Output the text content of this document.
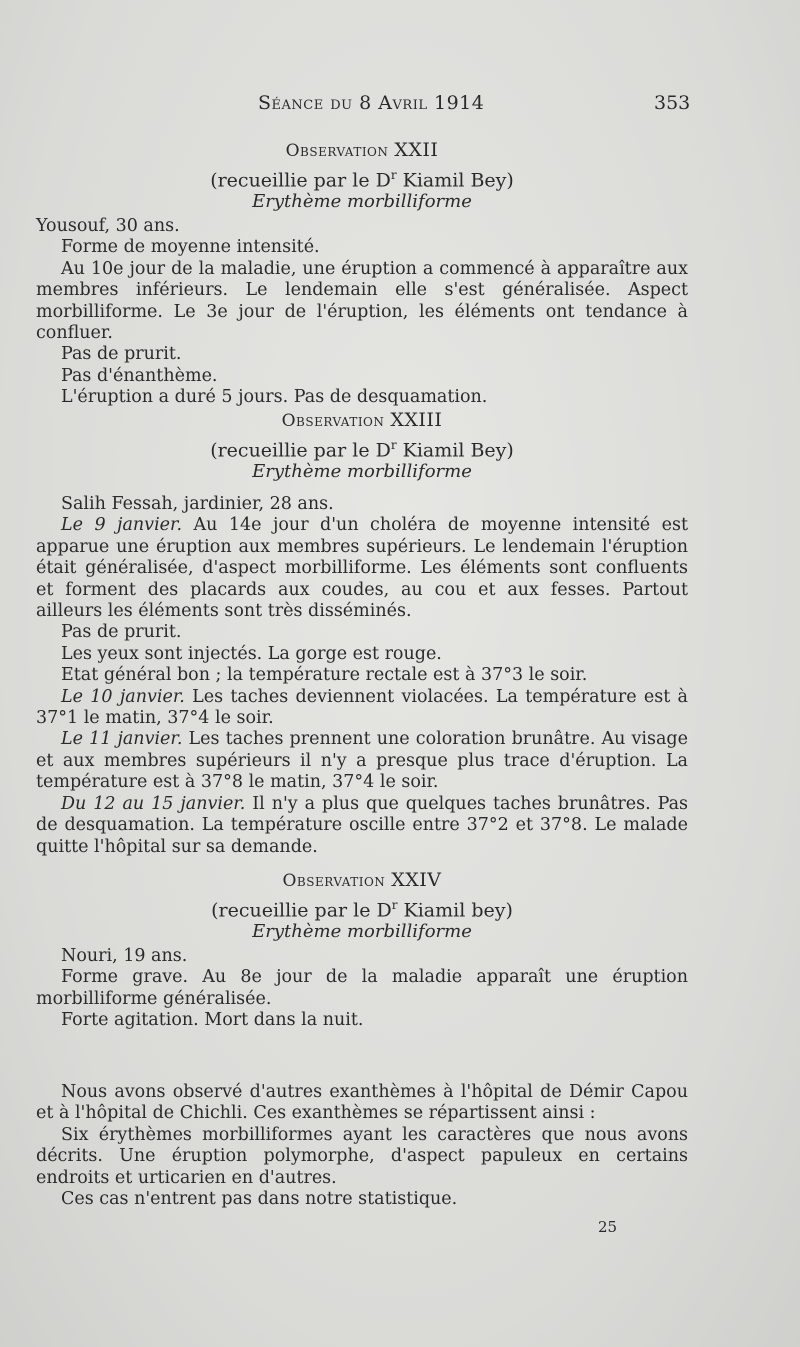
Séance du 8 Avril 1914	353
Observation XXII
(recueillie par le $D^r$ Kiamil Bey)
Erythème morbilliforme

Yousouf, 30 ans.

Forme de moyenne intensité.

Au 10e jour de la maladie, une éruption a commencé à apparaître aux membres inférieurs. Le lendemain elle s'est généralisée. Aspect morbilliforme. Le 3e jour de l'éruption, les éléments ont tendance à confluer.

Pas de prurit.

Pas d'énanthème.

L'éruption a duré 5 jours. Pas de desquamation.

Observation XXIII
(recueillie par le $D^r$ Kiamil Bey)
Erythème morbilliforme

Salih Fessah, jardinier, 28 ans.

Le 9 janvier. Au 14e jour d'un choléra de moyenne intensité est apparue une éruption aux membres supérieurs. Le lendemain l'éruption était généralisée, d'aspect morbilliforme. Les éléments sont confluents et forment des placards aux coudes, au cou et aux fesses. Partout ailleurs les éléments sont très disséminés.

Pas de prurit.

Les yeux sont injectés. La gorge est rouge.

Etat général bon ; la température rectale est à 37°3 le soir.

Le 10 janvier. Les taches deviennent violacées. La température est à 37°1 le matin, 37°4 le soir.

Le 11 janvier. Les taches prennent une coloration brunâtre. Au visage et aux membres supérieurs il n'y a presque plus trace d'éruption. La température est à 37°8 le matin, 37°4 le soir.

Du 12 au 15 janvier. Il n'y a plus que quelques taches brunâtres. Pas de desquamation. La température oscille entre 37°2 et 37°8. Le malade quitte l'hôpital sur sa demande.

Observation XXIV
(recueillie par le $D^r$ Kiamil bey)
Erythème morbilliforme

Nouri, 19 ans.

Forme grave. Au 8e jour de la maladie apparaît une éruption morbilliforme généralisée.

Forte agitation. Mort dans la nuit.

Nous avons observé d'autres exanthèmes à l'hôpital de Démir Capou et à l'hôpital de Chichli. Ces exanthèmes se répartissent ainsi :

Six érythèmes morbilliformes ayant les caractères que nous avons décrits. Une éruption polymorphe, d'aspect papuleux en certains endroits et urticarien en d'autres.

Ces cas n'entrent pas dans notre statistique.

25
